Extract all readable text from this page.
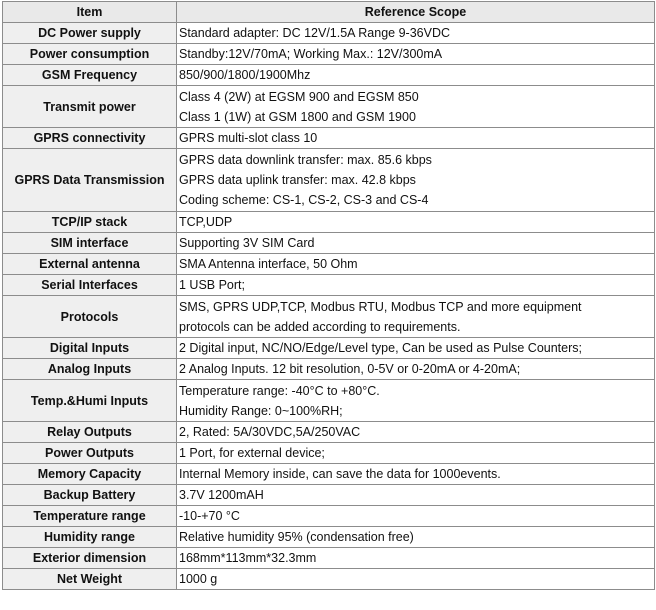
Item	Reference Scope
DC Power supply	Standard adapter: DC 12V/1.5A Range 9-36VDC

Power consumption	Standby:12V/70mA; Working Max.: 12V/300mA

GSM Frequency	850/900/1800/1900Mhz

Transmit power	Class 4 (2W) at EGSM 900 and EGSM 850
Class 1 (1W) at GSM 1800 and GSM 1900

GPRS connectivity	GPRS multi-slot class 10

GPRS Data Transmission	GPRS data downlink transfer: max. 85.6 kbps
GPRS data uplink transfer: max. 42.8 kbps
Coding scheme: CS-1, CS-2, CS-3 and CS-4

TCP/IP stack	TCP,UDP

SIM interface	Supporting 3V SIM Card

External antenna	SMA Antenna interface, 50 Ohm

Serial Interfaces	1 USB Port;

Protocols	SMS, GPRS UDP,TCP, Modbus RTU, Modbus TCP and more equipment
protocols can be added according to requirements.

Digital Inputs	2 Digital input, NC/NO/Edge/Level type, Can be used as Pulse Counters;

Analog Inputs	2 Analog Inputs. 12 bit resolution, 0-5V or 0-20mA or 4-20mA;

Temp.&Humi Inputs	Temperature range: -40°C to +80°C.
Humidity Range: 0~100%RH;

Relay Outputs	2, Rated: 5A/30VDC,5A/250VAC

Power Outputs	1 Port, for external device;

Memory Capacity	Internal Memory inside, can save the data for 1000events.

Backup Battery	3.7V 1200mAH

Temperature range	-10-+70 °C

Humidity range	Relative humidity 95% (condensation free)

Exterior dimension	168mm*113mm*32.3mm

Net Weight	1000 g
